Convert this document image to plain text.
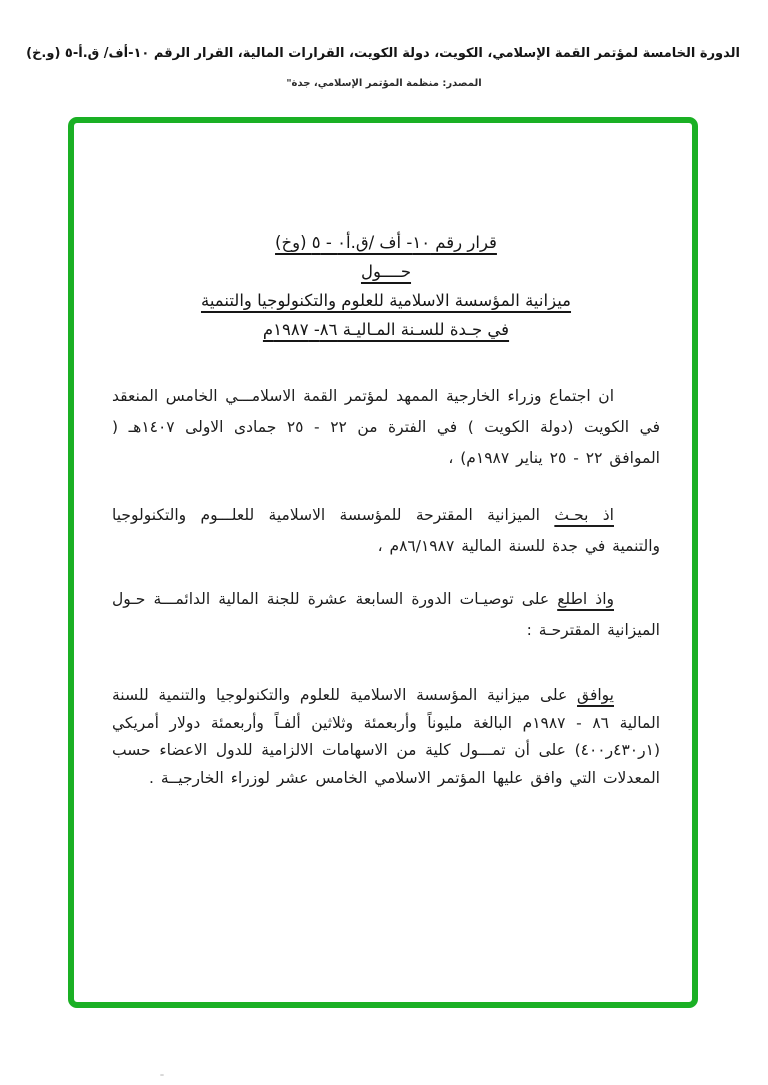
الدورة الخامسة لمؤتمر القمة الإسلامي، الكويت، دولة الكويت، القرارات المالية، القرار الرقم ١٠-أف/ ق.أ-٥ (و.خ)
المصدر: منظمة المؤتمر الإسلامي، جدة"
قرار رقم ١٠- أف /ق.أ٠ - ٥ (وخ)
حــــول
ميزانية المؤسسة الاسلامية للعلوم والتكنولوجيا والتنمية
في جـدة للسـنة المـاليـة ٨٦- ١٩٨٧م

ان اجتماع وزراء الخارجية الممهد لمؤتمر القمة الاسلامـــي الخامس المنعقد في الكويت (دولة الكويت ) في الفترة من ٢٢ - ٢٥ جمادى الاولى ١٤٠٧هـ ( الموافق ٢٢ - ٢٥ يناير ١٩٨٧م) ،

اذ بحـث الميزانية المقترحة للمؤسسة الاسلامية للعلـــوم والتكنولوجيا والتنمية في جدة للسنة المالية ٨٦/١٩٨٧م ،

واذ اطلع على توصيـات الدورة السابعة عشرة للجنة المالية الدائمـــة حـول الميزانية المقترحـة :

يوافق على ميزانية المؤسسة الاسلامية للعلوم والتكنولوجيا والتنمية للسنة المالية ٨٦ - ١٩٨٧م البالغة مليوناً وأربعمئة وثلاثين ألفـاً وأربعمئة دولار أمريكي (١ر٤٣٠ر٤٠٠) على أن تمـــول كلية من الاسهامات الالزامية للدول الاعضاء حسب المعدلات التي وافق عليها المؤتمر الاسلامي الخامس عشر لوزراء الخارجيــة .
